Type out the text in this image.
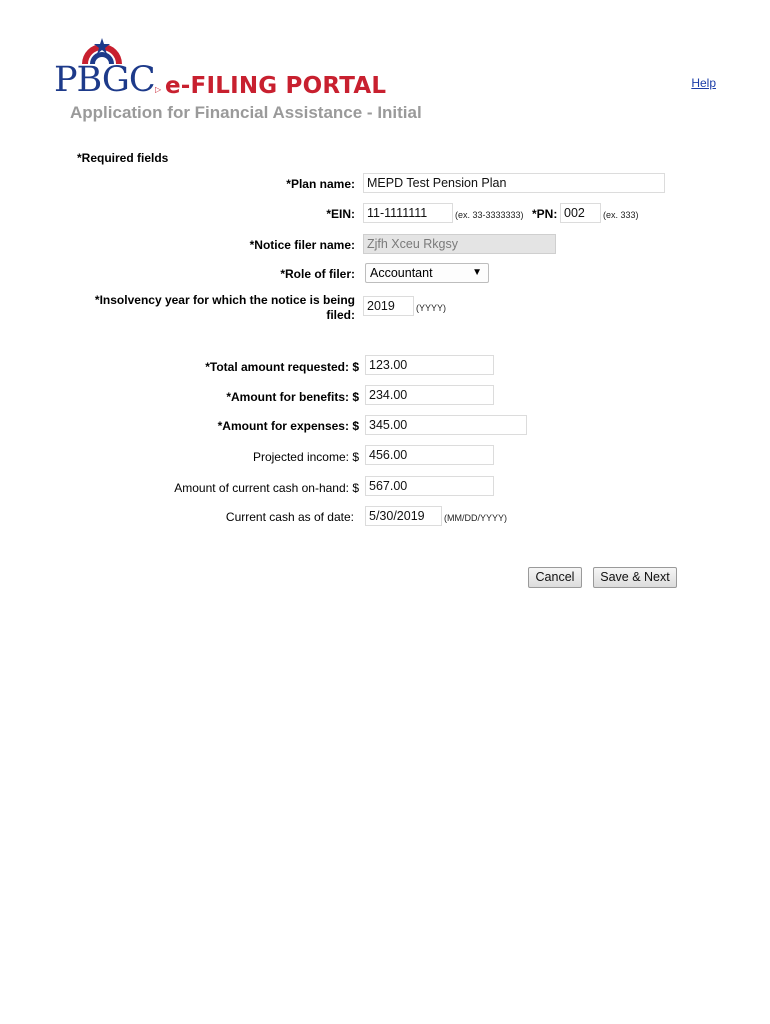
PBGC ▷ e-FILING PORTAL	Help
Application for Financial Assistance - Initial
*Required fields
*Plan name: MEPD Test Pension Plan
*EIN: 11-1111111	(ex. 33-3333333) *PN: 002	(ex. 333)
*Notice filer name: Zjfh Xceu Rkgsy
*Role of filer:	Accountant	▼
*Insolvency year for which the notice is being
filed:
2019	(YYYY)
*Total amount requested: $ 123.00
*Amount for benefits: $ 234.00
*Amount for expenses: $ 345.00
Projected income: $ 456.00
Amount of current cash on-hand: $ 567.00
Current cash as of date:	5/30/2019	(MM/DD/YYYY)
Cancel	Save & Next
